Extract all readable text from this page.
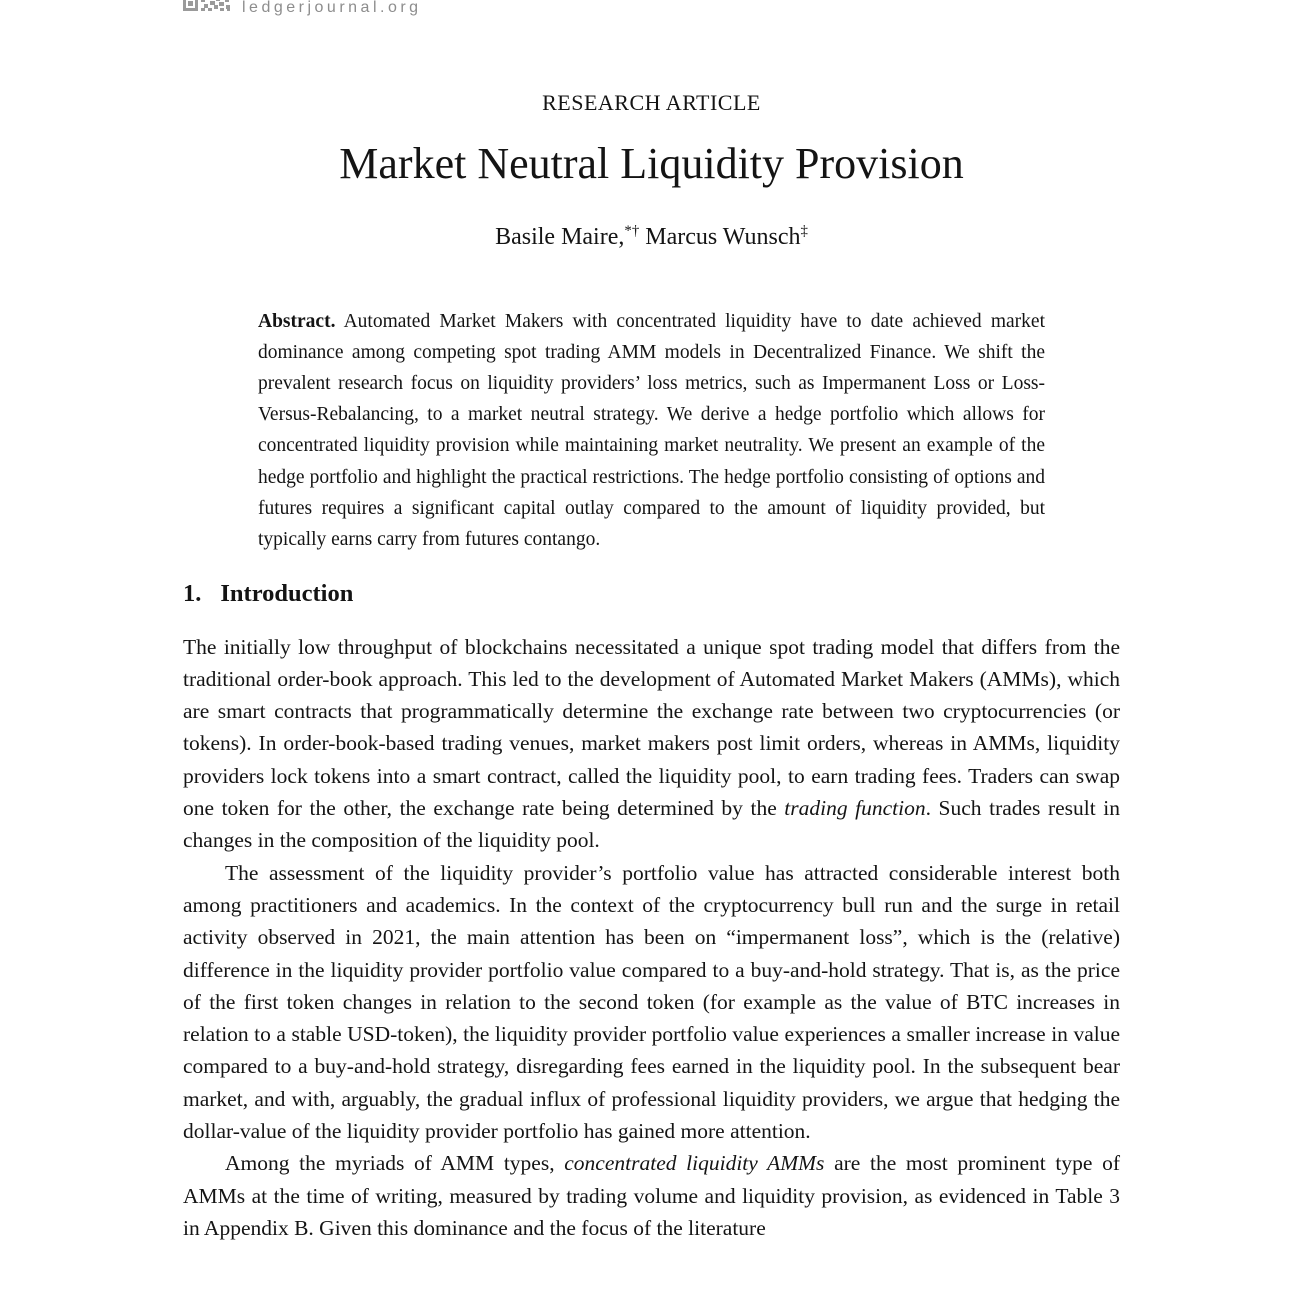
ledgerjournal.org
RESEARCH ARTICLE
Market Neutral Liquidity Provision
Basile Maire,*† Marcus Wunsch‡

Abstract. Automated Market Makers with concentrated liquidity have to date achieved market dominance among competing spot trading AMM models in Decentralized Finance. We shift the prevalent research focus on liquidity providers’ loss metrics, such as Impermanent Loss or Loss-Versus-Rebalancing, to a market neutral strategy. We derive a hedge portfolio which allows for concentrated liquidity provision while maintaining market neutrality. We present an example of the hedge portfolio and highlight the practical restrictions. The hedge portfolio consisting of options and futures requires a significant capital outlay compared to the amount of liquidity provided, but typically earns carry from futures contango.

1. Introduction

The initially low throughput of blockchains necessitated a unique spot trading model that differs from the traditional order-book approach. This led to the development of Automated Market Makers (AMMs), which are smart contracts that programmatically determine the exchange rate between two cryptocurrencies (or tokens). In order-book-based trading venues, market makers post limit orders, whereas in AMMs, liquidity providers lock tokens into a smart contract, called the liquidity pool, to earn trading fees. Traders can swap one token for the other, the exchange rate being determined by the trading function. Such trades result in changes in the composition of the liquidity pool.

The assessment of the liquidity provider’s portfolio value has attracted considerable interest both among practitioners and academics. In the context of the cryptocurrency bull run and the surge in retail activity observed in 2021, the main attention has been on “impermanent loss”, which is the (relative) difference in the liquidity provider portfolio value compared to a buy-and-hold strategy. That is, as the price of the first token changes in relation to the second token (for example as the value of BTC increases in relation to a stable USD-token), the liquidity provider portfolio value experiences a smaller increase in value compared to a buy-and-hold strategy, disregarding fees earned in the liquidity pool. In the subsequent bear market, and with, arguably, the gradual influx of professional liquidity providers, we argue that hedging the dollar-value of the liquidity provider portfolio has gained more attention.

Among the myriads of AMM types, concentrated liquidity AMMs are the most prominent type of AMMs at the time of writing, measured by trading volume and liquidity provision, as evidenced in Table 3 in Appendix B. Given this dominance and the focus of the literature
